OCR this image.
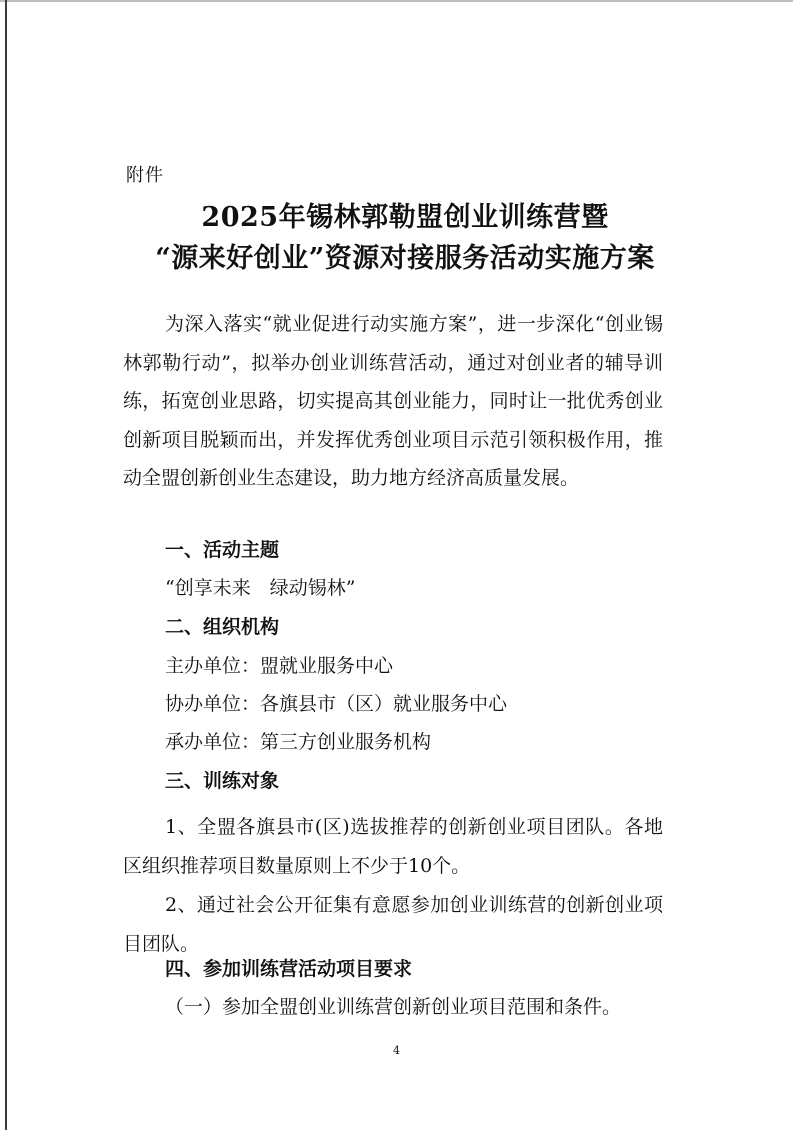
附件
2025年锡林郭勒盟创业训练营暨
“源来好创业”资源对接服务活动实施方案
为深入落实“就业促进行动实施方案”，进一步深化“创业锡林郭勒行动”，拟举办创业训练营活动，通过对创业者的辅导训练，拓宽创业思路，切实提高其创业能力，同时让一批优秀创业创新项目脱颖而出，并发挥优秀创业项目示范引领积极作用，推动全盟创新创业生态建设，助力地方经济高质量发展。
一、活动主题
“创享未来　绿动锡林”
二、组织机构
主办单位：盟就业服务中心
协办单位：各旗县市（区）就业服务中心
承办单位：第三方创业服务机构
三、训练对象
1、全盟各旗县市(区)选拔推荐的创新创业项目团队。各地区组织推荐项目数量原则上不少于10个。
2、通过社会公开征集有意愿参加创业训练营的创新创业项目团队。
四、参加训练营活动项目要求
（一）参加全盟创业训练营创新创业项目范围和条件。
4
